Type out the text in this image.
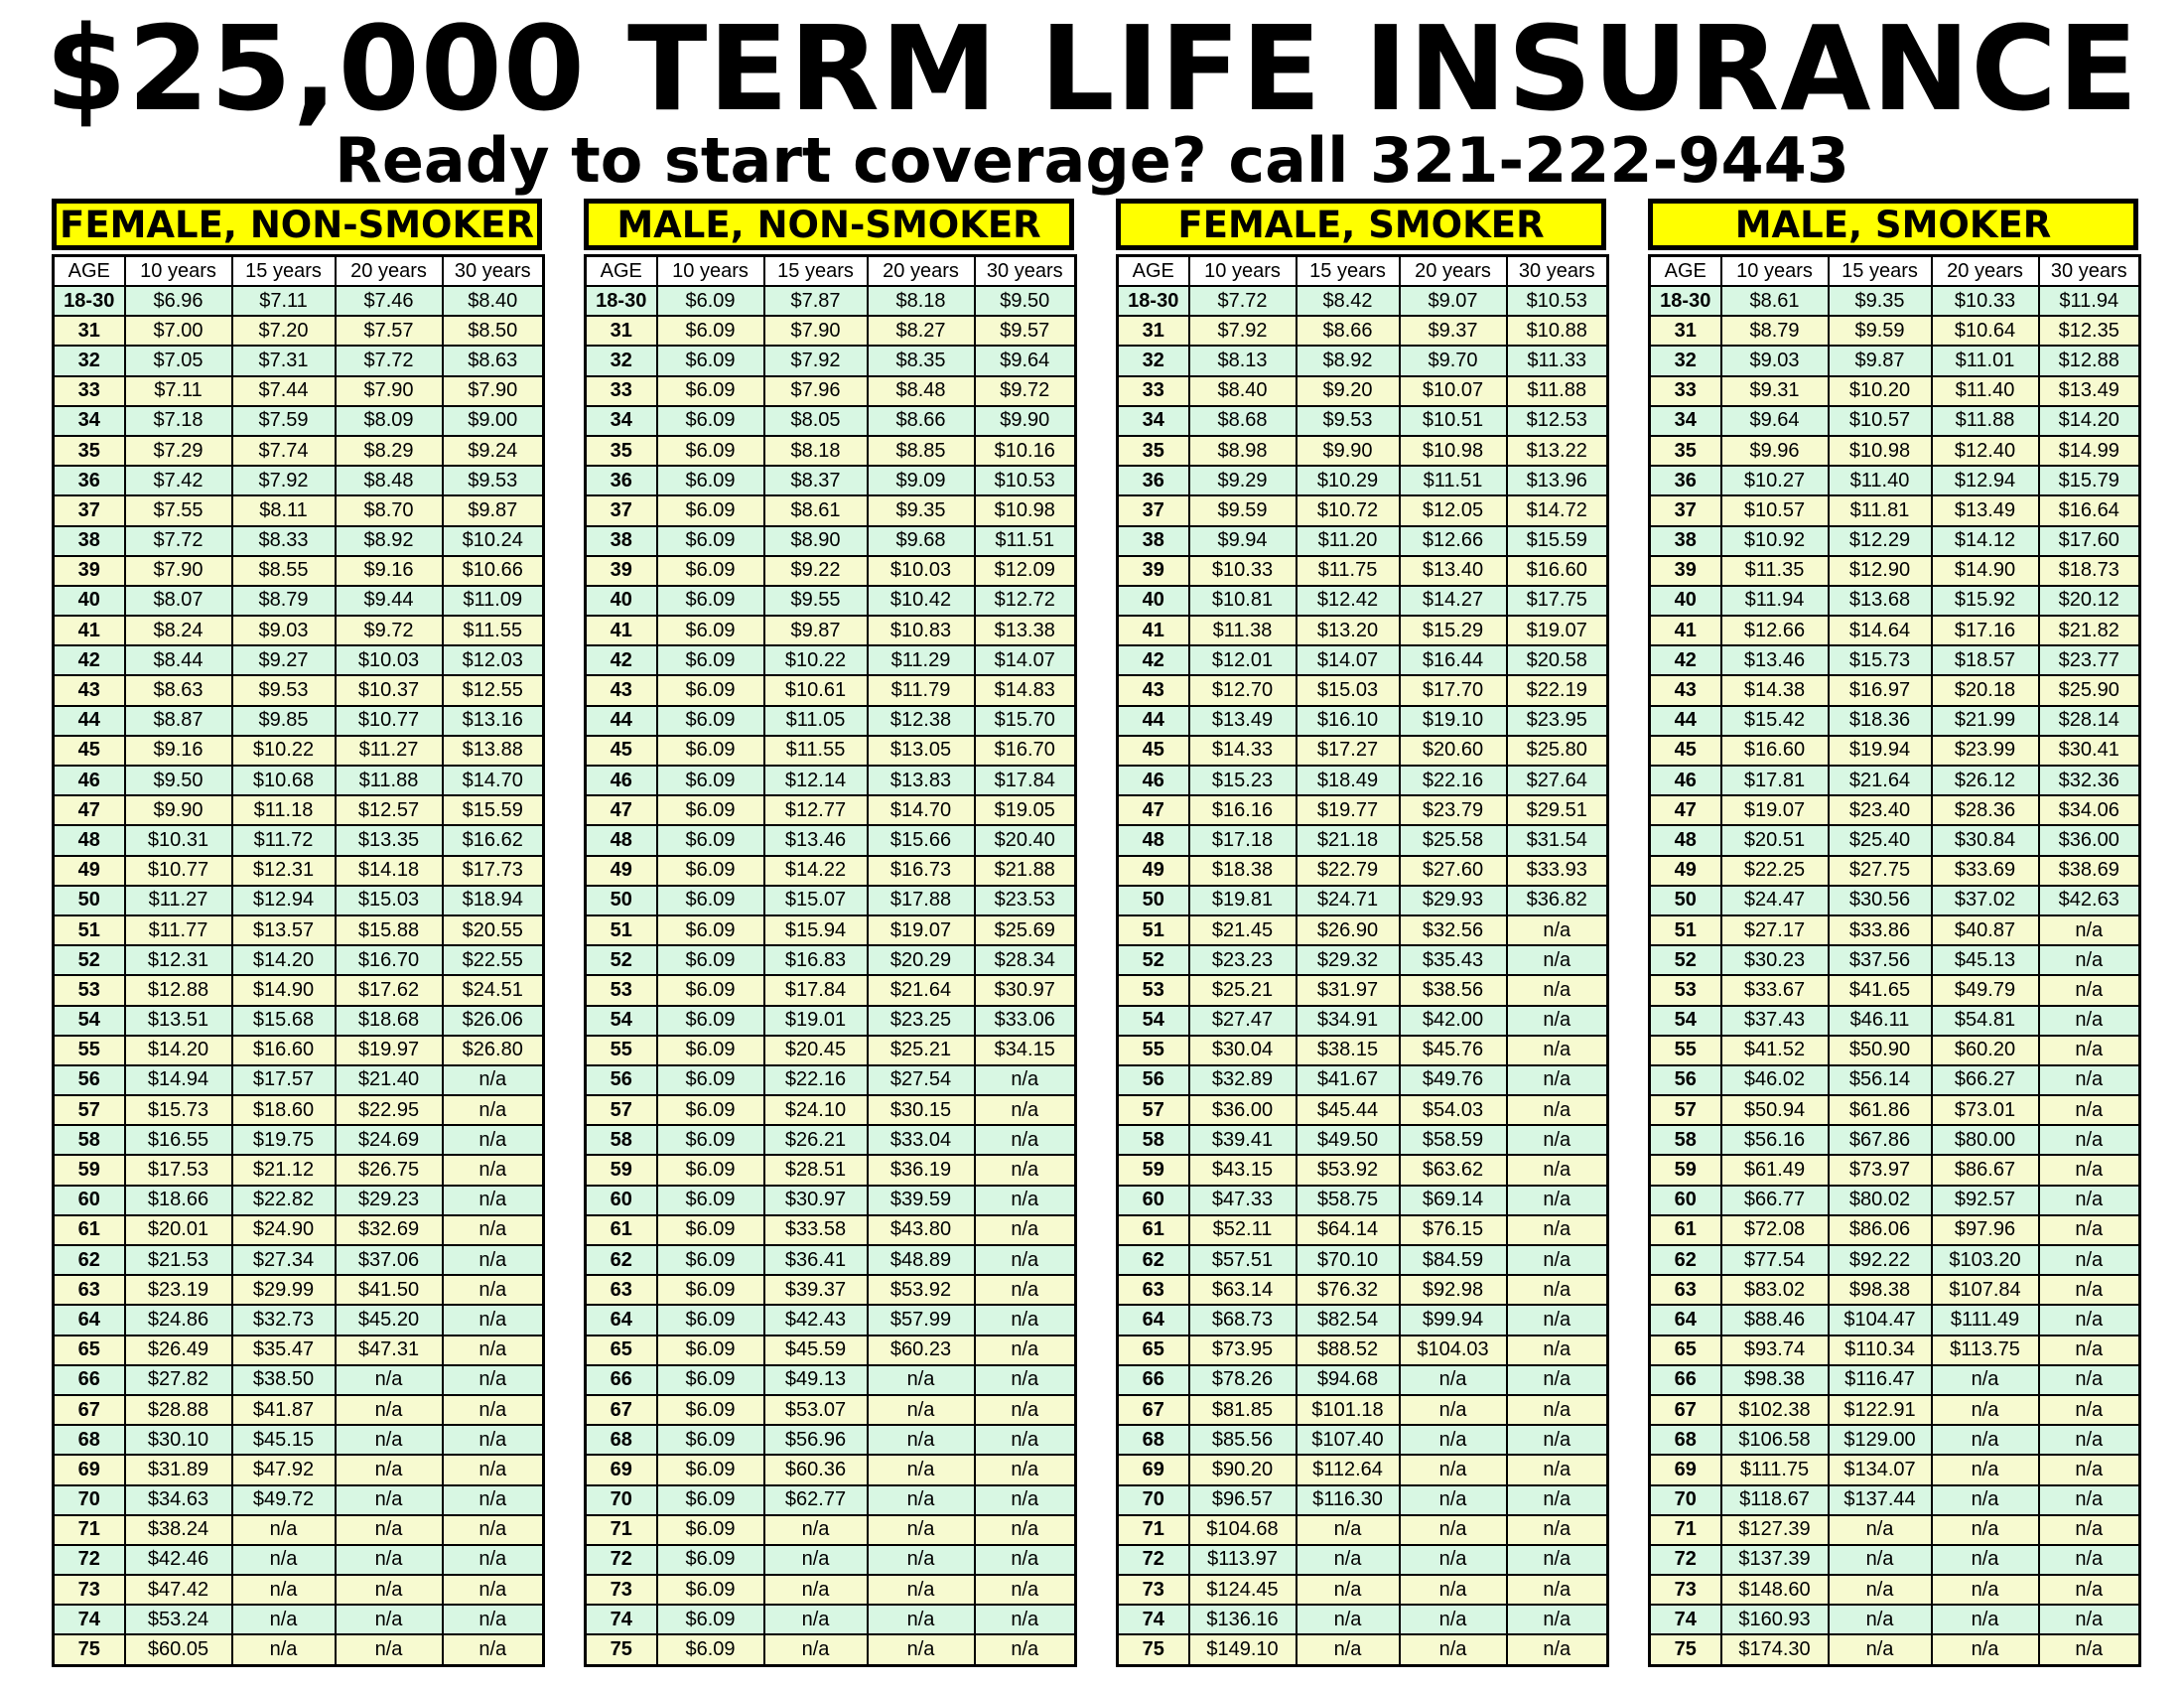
$25,000 TERM LIFE INSURANCE
Ready to start coverage? call 321-222-9443
FEMALE, NON-SMOKER
AGE	10 years	15 years	20 years	30 years
18-30	$6.96	$7.11	$7.46	$8.40
31	$7.00	$7.20	$7.57	$8.50
32	$7.05	$7.31	$7.72	$8.63
33	$7.11	$7.44	$7.90	$7.90
34	$7.18	$7.59	$8.09	$9.00
35	$7.29	$7.74	$8.29	$9.24
36	$7.42	$7.92	$8.48	$9.53
37	$7.55	$8.11	$8.70	$9.87
38	$7.72	$8.33	$8.92	$10.24
39	$7.90	$8.55	$9.16	$10.66
40	$8.07	$8.79	$9.44	$11.09
41	$8.24	$9.03	$9.72	$11.55
42	$8.44	$9.27	$10.03	$12.03
43	$8.63	$9.53	$10.37	$12.55
44	$8.87	$9.85	$10.77	$13.16
45	$9.16	$10.22	$11.27	$13.88
46	$9.50	$10.68	$11.88	$14.70
47	$9.90	$11.18	$12.57	$15.59
48	$10.31	$11.72	$13.35	$16.62
49	$10.77	$12.31	$14.18	$17.73
50	$11.27	$12.94	$15.03	$18.94
51	$11.77	$13.57	$15.88	$20.55
52	$12.31	$14.20	$16.70	$22.55
53	$12.88	$14.90	$17.62	$24.51
54	$13.51	$15.68	$18.68	$26.06
55	$14.20	$16.60	$19.97	$26.80
56	$14.94	$17.57	$21.40	n/a
57	$15.73	$18.60	$22.95	n/a
58	$16.55	$19.75	$24.69	n/a
59	$17.53	$21.12	$26.75	n/a
60	$18.66	$22.82	$29.23	n/a
61	$20.01	$24.90	$32.69	n/a
62	$21.53	$27.34	$37.06	n/a
63	$23.19	$29.99	$41.50	n/a
64	$24.86	$32.73	$45.20	n/a
65	$26.49	$35.47	$47.31	n/a
66	$27.82	$38.50	n/a	n/a
67	$28.88	$41.87	n/a	n/a
68	$30.10	$45.15	n/a	n/a
69	$31.89	$47.92	n/a	n/a
70	$34.63	$49.72	n/a	n/a
71	$38.24	n/a	n/a	n/a
72	$42.46	n/a	n/a	n/a
73	$47.42	n/a	n/a	n/a
74	$53.24	n/a	n/a	n/a
75	$60.05	n/a	n/a	n/a
MALE, NON-SMOKER
AGE	10 years	15 years	20 years	30 years
18-30	$6.09	$7.87	$8.18	$9.50
31	$6.09	$7.90	$8.27	$9.57
32	$6.09	$7.92	$8.35	$9.64
33	$6.09	$7.96	$8.48	$9.72
34	$6.09	$8.05	$8.66	$9.90
35	$6.09	$8.18	$8.85	$10.16
36	$6.09	$8.37	$9.09	$10.53
37	$6.09	$8.61	$9.35	$10.98
38	$6.09	$8.90	$9.68	$11.51
39	$6.09	$9.22	$10.03	$12.09
40	$6.09	$9.55	$10.42	$12.72
41	$6.09	$9.87	$10.83	$13.38
42	$6.09	$10.22	$11.29	$14.07
43	$6.09	$10.61	$11.79	$14.83
44	$6.09	$11.05	$12.38	$15.70
45	$6.09	$11.55	$13.05	$16.70
46	$6.09	$12.14	$13.83	$17.84
47	$6.09	$12.77	$14.70	$19.05
48	$6.09	$13.46	$15.66	$20.40
49	$6.09	$14.22	$16.73	$21.88
50	$6.09	$15.07	$17.88	$23.53
51	$6.09	$15.94	$19.07	$25.69
52	$6.09	$16.83	$20.29	$28.34
53	$6.09	$17.84	$21.64	$30.97
54	$6.09	$19.01	$23.25	$33.06
55	$6.09	$20.45	$25.21	$34.15
56	$6.09	$22.16	$27.54	n/a
57	$6.09	$24.10	$30.15	n/a
58	$6.09	$26.21	$33.04	n/a
59	$6.09	$28.51	$36.19	n/a
60	$6.09	$30.97	$39.59	n/a
61	$6.09	$33.58	$43.80	n/a
62	$6.09	$36.41	$48.89	n/a
63	$6.09	$39.37	$53.92	n/a
64	$6.09	$42.43	$57.99	n/a
65	$6.09	$45.59	$60.23	n/a
66	$6.09	$49.13	n/a	n/a
67	$6.09	$53.07	n/a	n/a
68	$6.09	$56.96	n/a	n/a
69	$6.09	$60.36	n/a	n/a
70	$6.09	$62.77	n/a	n/a
71	$6.09	n/a	n/a	n/a
72	$6.09	n/a	n/a	n/a
73	$6.09	n/a	n/a	n/a
74	$6.09	n/a	n/a	n/a
75	$6.09	n/a	n/a	n/a
FEMALE, SMOKER
AGE	10 years	15 years	20 years	30 years
18-30	$7.72	$8.42	$9.07	$10.53
31	$7.92	$8.66	$9.37	$10.88
32	$8.13	$8.92	$9.70	$11.33
33	$8.40	$9.20	$10.07	$11.88
34	$8.68	$9.53	$10.51	$12.53
35	$8.98	$9.90	$10.98	$13.22
36	$9.29	$10.29	$11.51	$13.96
37	$9.59	$10.72	$12.05	$14.72
38	$9.94	$11.20	$12.66	$15.59
39	$10.33	$11.75	$13.40	$16.60
40	$10.81	$12.42	$14.27	$17.75
41	$11.38	$13.20	$15.29	$19.07
42	$12.01	$14.07	$16.44	$20.58
43	$12.70	$15.03	$17.70	$22.19
44	$13.49	$16.10	$19.10	$23.95
45	$14.33	$17.27	$20.60	$25.80
46	$15.23	$18.49	$22.16	$27.64
47	$16.16	$19.77	$23.79	$29.51
48	$17.18	$21.18	$25.58	$31.54
49	$18.38	$22.79	$27.60	$33.93
50	$19.81	$24.71	$29.93	$36.82
51	$21.45	$26.90	$32.56	n/a
52	$23.23	$29.32	$35.43	n/a
53	$25.21	$31.97	$38.56	n/a
54	$27.47	$34.91	$42.00	n/a
55	$30.04	$38.15	$45.76	n/a
56	$32.89	$41.67	$49.76	n/a
57	$36.00	$45.44	$54.03	n/a
58	$39.41	$49.50	$58.59	n/a
59	$43.15	$53.92	$63.62	n/a
60	$47.33	$58.75	$69.14	n/a
61	$52.11	$64.14	$76.15	n/a
62	$57.51	$70.10	$84.59	n/a
63	$63.14	$76.32	$92.98	n/a
64	$68.73	$82.54	$99.94	n/a
65	$73.95	$88.52	$104.03	n/a
66	$78.26	$94.68	n/a	n/a
67	$81.85	$101.18	n/a	n/a
68	$85.56	$107.40	n/a	n/a
69	$90.20	$112.64	n/a	n/a
70	$96.57	$116.30	n/a	n/a
71	$104.68	n/a	n/a	n/a
72	$113.97	n/a	n/a	n/a
73	$124.45	n/a	n/a	n/a
74	$136.16	n/a	n/a	n/a
75	$149.10	n/a	n/a	n/a
MALE, SMOKER
AGE	10 years	15 years	20 years	30 years
18-30	$8.61	$9.35	$10.33	$11.94
31	$8.79	$9.59	$10.64	$12.35
32	$9.03	$9.87	$11.01	$12.88
33	$9.31	$10.20	$11.40	$13.49
34	$9.64	$10.57	$11.88	$14.20
35	$9.96	$10.98	$12.40	$14.99
36	$10.27	$11.40	$12.94	$15.79
37	$10.57	$11.81	$13.49	$16.64
38	$10.92	$12.29	$14.12	$17.60
39	$11.35	$12.90	$14.90	$18.73
40	$11.94	$13.68	$15.92	$20.12
41	$12.66	$14.64	$17.16	$21.82
42	$13.46	$15.73	$18.57	$23.77
43	$14.38	$16.97	$20.18	$25.90
44	$15.42	$18.36	$21.99	$28.14
45	$16.60	$19.94	$23.99	$30.41
46	$17.81	$21.64	$26.12	$32.36
47	$19.07	$23.40	$28.36	$34.06
48	$20.51	$25.40	$30.84	$36.00
49	$22.25	$27.75	$33.69	$38.69
50	$24.47	$30.56	$37.02	$42.63
51	$27.17	$33.86	$40.87	n/a
52	$30.23	$37.56	$45.13	n/a
53	$33.67	$41.65	$49.79	n/a
54	$37.43	$46.11	$54.81	n/a
55	$41.52	$50.90	$60.20	n/a
56	$46.02	$56.14	$66.27	n/a
57	$50.94	$61.86	$73.01	n/a
58	$56.16	$67.86	$80.00	n/a
59	$61.49	$73.97	$86.67	n/a
60	$66.77	$80.02	$92.57	n/a
61	$72.08	$86.06	$97.96	n/a
62	$77.54	$92.22	$103.20	n/a
63	$83.02	$98.38	$107.84	n/a
64	$88.46	$104.47	$111.49	n/a
65	$93.74	$110.34	$113.75	n/a
66	$98.38	$116.47	n/a	n/a
67	$102.38	$122.91	n/a	n/a
68	$106.58	$129.00	n/a	n/a
69	$111.75	$134.07	n/a	n/a
70	$118.67	$137.44	n/a	n/a
71	$127.39	n/a	n/a	n/a
72	$137.39	n/a	n/a	n/a
73	$148.60	n/a	n/a	n/a
74	$160.93	n/a	n/a	n/a
75	$174.30	n/a	n/a	n/a
